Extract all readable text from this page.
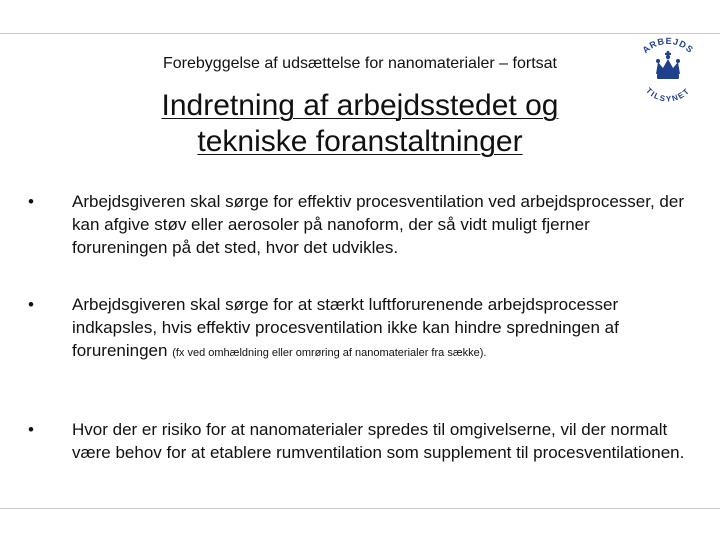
Forebyggelse af udsættelse for nanomaterialer – fortsat
Indretning af arbejdsstedet og
tekniske foranstaltninger
ARBEJDS
TILSYNET
• Arbejdsgiveren skal sørge for effektiv procesventilation ved arbejdsprocesser, der kan afgive støv eller aerosoler på nanoform, der så vidt muligt fjerner forureningen på det sted, hvor det udvikles.
• Arbejdsgiveren skal sørge for at stærkt luftforurenende arbejdsprocesser indkapsles, hvis effektiv procesventilation ikke kan hindre spredningen af forureningen (fx ved omhældning eller omrøring af nanomaterialer fra sække).
• Hvor der er risiko for at nanomaterialer spredes til omgivelserne, vil der normalt være behov for at etablere rumventilation som supplement til procesventilationen.
